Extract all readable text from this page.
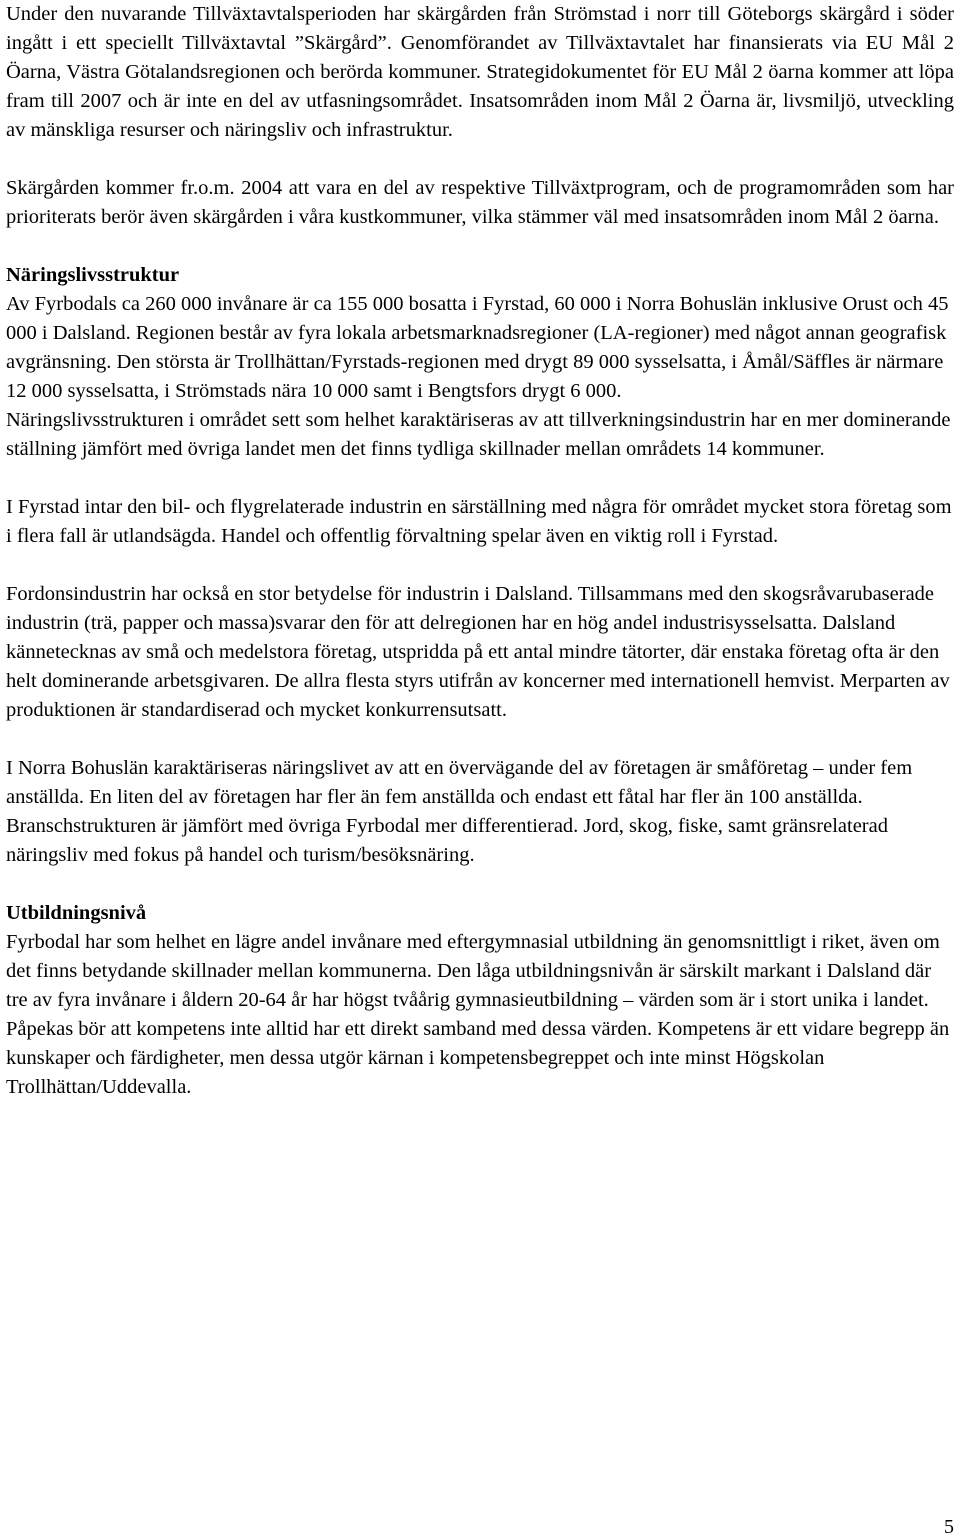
Under den nuvarande Tillväxtavtalsperioden har skärgården från Strömstad i norr till Göteborgs skärgård i söder ingått i ett speciellt Tillväxtavtal ”Skärgård”. Genomförandet av Tillväxtavtalet har finansierats via EU Mål 2 Öarna, Västra Götalandsregionen och berörda kommuner. Strategidokumentet för EU Mål 2 öarna kommer att löpa fram till 2007 och är inte en del av utfasningsområdet. Insatsområden inom Mål 2 Öarna är, livsmiljö, utveckling av mänskliga resurser och näringsliv och infrastruktur.

Skärgården kommer fr.o.m. 2004 att vara en del av respektive Tillväxtprogram, och de programområden som har prioriterats berör även skärgården i våra kustkommuner, vilka stämmer väl med insatsområden inom Mål 2 öarna.

Näringslivsstruktur

Av Fyrbodals ca 260 000 invånare är ca 155 000 bosatta i Fyrstad, 60 000 i Norra Bohuslän inklusive Orust och 45 000 i Dalsland. Regionen består av fyra lokala arbetsmarknadsregioner (LA-regioner) med något annan geografisk avgränsning. Den största är Trollhättan/Fyrstads-regionen med drygt 89 000 sysselsatta, i Åmål/Säffles är närmare 12 000 sysselsatta, i Strömstads nära 10 000 samt i Bengtsfors drygt 6 000.

Näringslivsstrukturen i området sett som helhet karaktäriseras av att tillverkningsindustrin har en mer dominerande ställning jämfört med övriga landet men det finns tydliga skillnader mellan områdets 14 kommuner.

I Fyrstad intar den bil- och flygrelaterade industrin en särställning med några för området mycket stora företag som i flera fall är utlandsägda. Handel och offentlig förvaltning spelar även en viktig roll i Fyrstad.

Fordonsindustrin har också en stor betydelse för industrin i Dalsland. Tillsammans med den skogsråvarubaserade industrin (trä, papper och massa)svarar den för att delregionen har en hög andel industrisysselsatta. Dalsland kännetecknas av små och medelstora företag, utspridda på ett antal mindre tätorter, där enstaka företag ofta är den helt dominerande arbetsgivaren. De allra flesta styrs utifrån av koncerner med internationell hemvist. Merparten av produktionen är standardiserad och mycket konkurrensutsatt.

I Norra Bohuslän karaktäriseras näringslivet av att en övervägande del av företagen är småföretag – under fem anställda. En liten del av företagen har fler än fem anställda och endast ett fåtal har fler än 100 anställda. Branschstrukturen är jämfört med övriga Fyrbodal mer differentierad. Jord, skog, fiske, samt gränsrelaterad näringsliv med fokus på handel och turism/besöksnäring.

Utbildningsnivå

Fyrbodal har som helhet en lägre andel invånare med eftergymnasial utbildning än genomsnittligt i riket, även om det finns betydande skillnader mellan kommunerna. Den låga utbildningsnivån är särskilt markant i Dalsland där tre av fyra invånare i åldern 20-64 år har högst tvåårig gymnasieutbildning – värden som är i stort unika i landet. Påpekas bör att kompetens inte alltid har ett direkt samband med dessa värden. Kompetens är ett vidare begrepp än kunskaper och färdigheter, men dessa utgör kärnan i kompetensbegreppet och inte minst Högskolan Trollhättan/Uddevalla.

5
